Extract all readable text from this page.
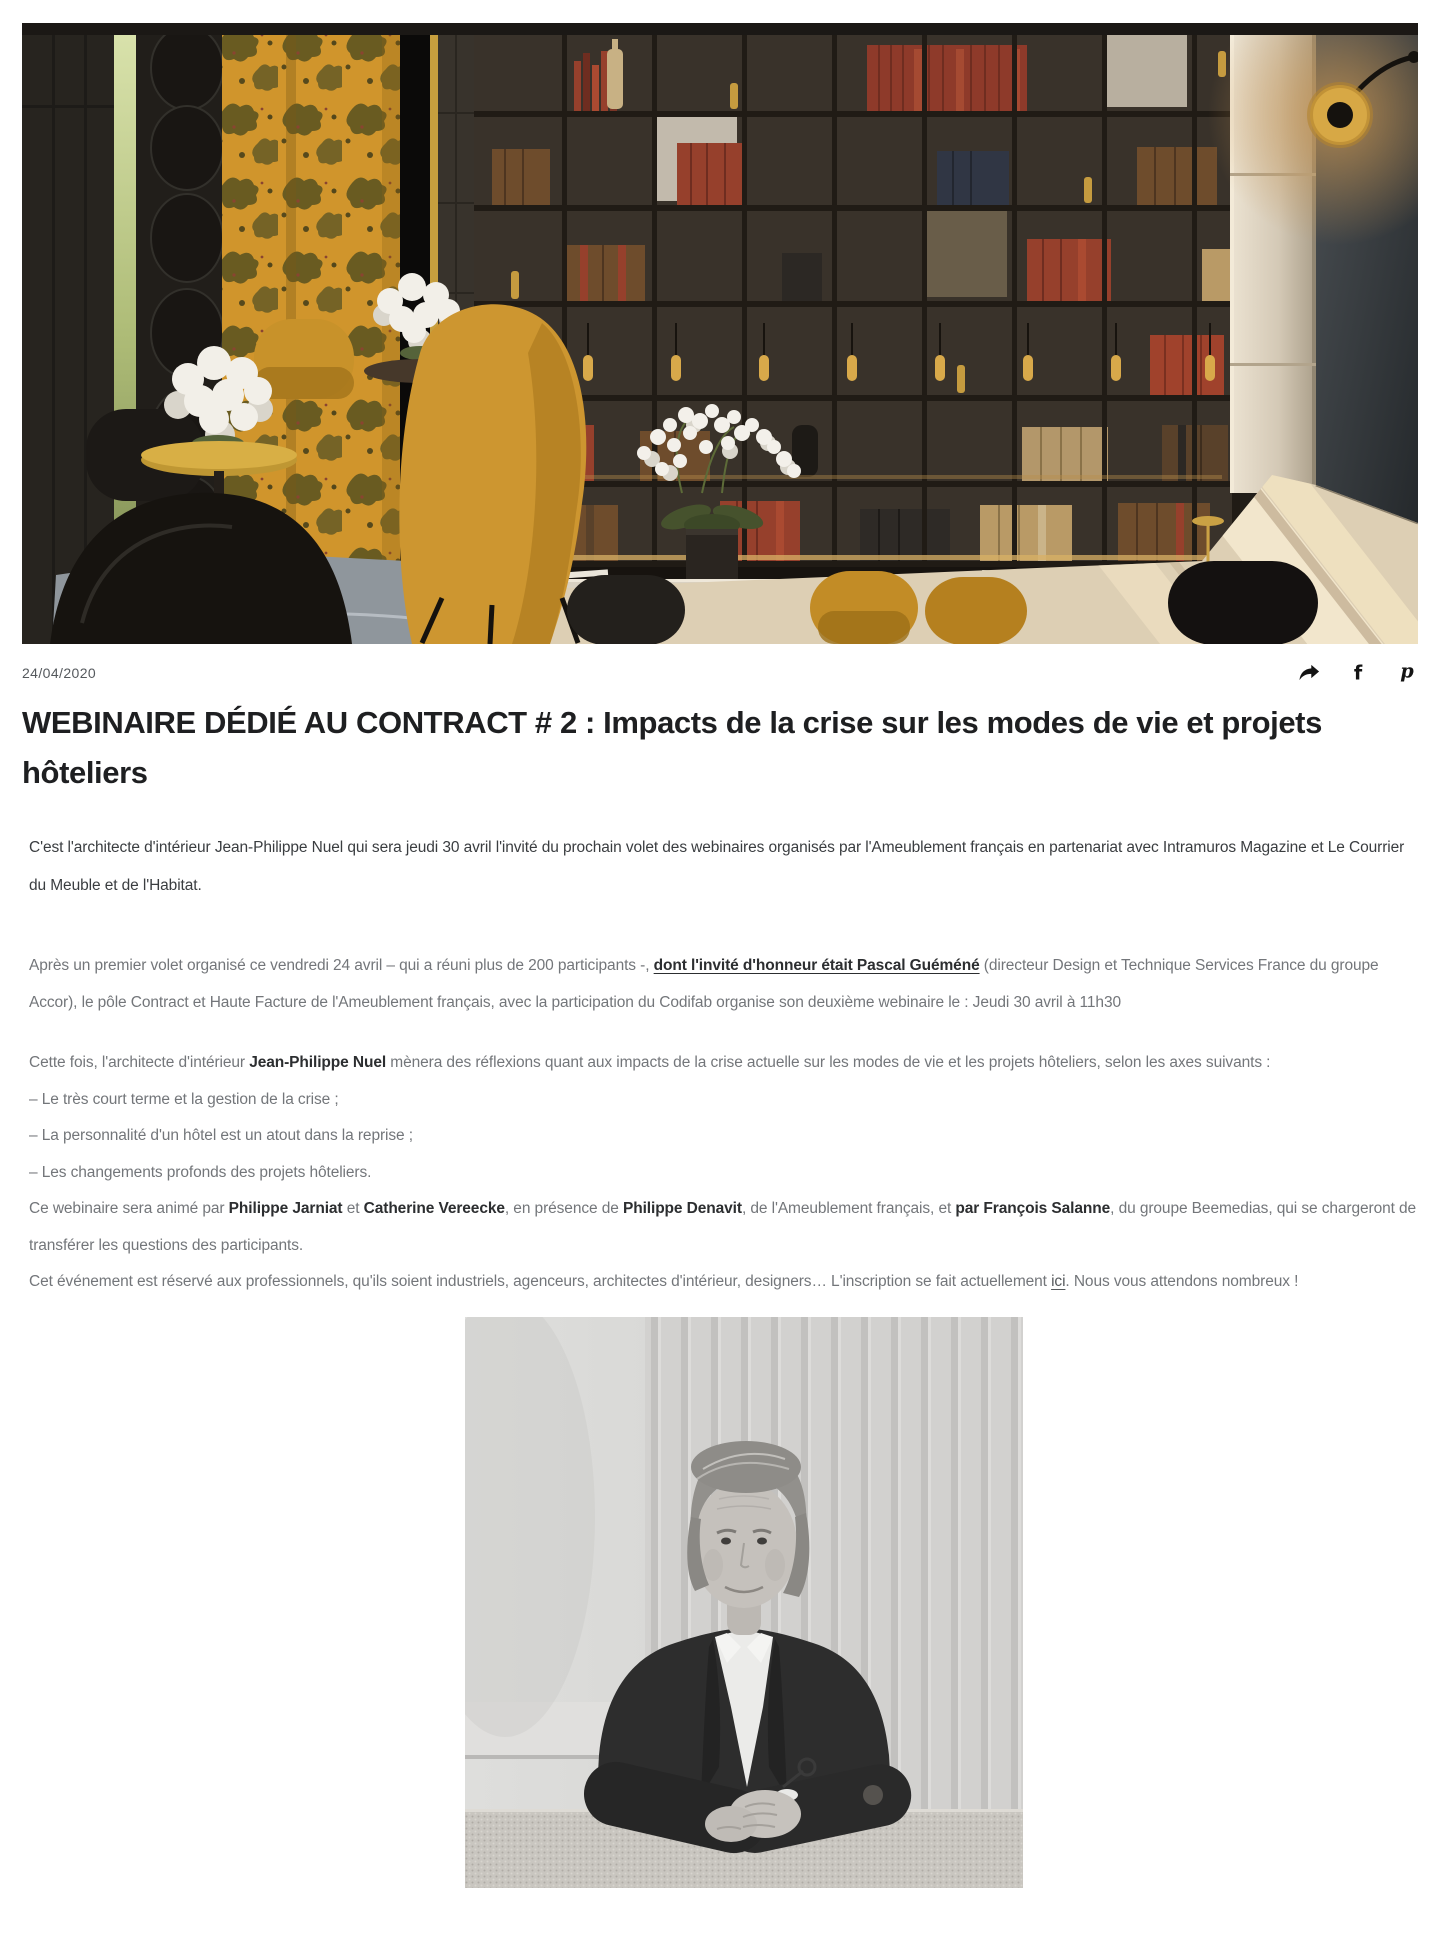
24/04/2020	f p
WEBINAIRE DÉDIÉ AU CONTRACT # 2 : Impacts de la crise sur les modes de vie et projets hôteliers

C'est l'architecte d'intérieur Jean-Philippe Nuel qui sera jeudi 30 avril l'invité du prochain volet des webinaires organisés par l'Ameublement français en partenariat avec Intramuros Magazine et Le Courrier du Meuble et de l'Habitat.

Après un premier volet organisé ce vendredi 24 avril – qui a réuni plus de 200 participants -, dont l'invité d'honneur était Pascal Guéméné (directeur Design et Technique Services France du groupe Accor), le pôle Contract et Haute Facture de l'Ameublement français, avec la participation du Codifab organise son deuxième webinaire le : Jeudi 30 avril à 11h30

Cette fois, l'architecte d'intérieur Jean-Philippe Nuel mènera des réflexions quant aux impacts de la crise actuelle sur les modes de vie et les projets hôteliers, selon les axes suivants :

– Le très court terme et la gestion de la crise ;

– La personnalité d'un hôtel est un atout dans la reprise ;

– Les changements profonds des projets hôteliers.

Ce webinaire sera animé par Philippe Jarniat et Catherine Vereecke, en présence de Philippe Denavit, de l'Ameublement français, et par François Salanne, du groupe Beemedias, qui se chargeront de transférer les questions des participants.

Cet événement est réservé aux professionnels, qu'ils soient industriels, agenceurs, architectes d'intérieur, designers… L'inscription se fait actuellement ici. Nous vous attendons nombreux !
